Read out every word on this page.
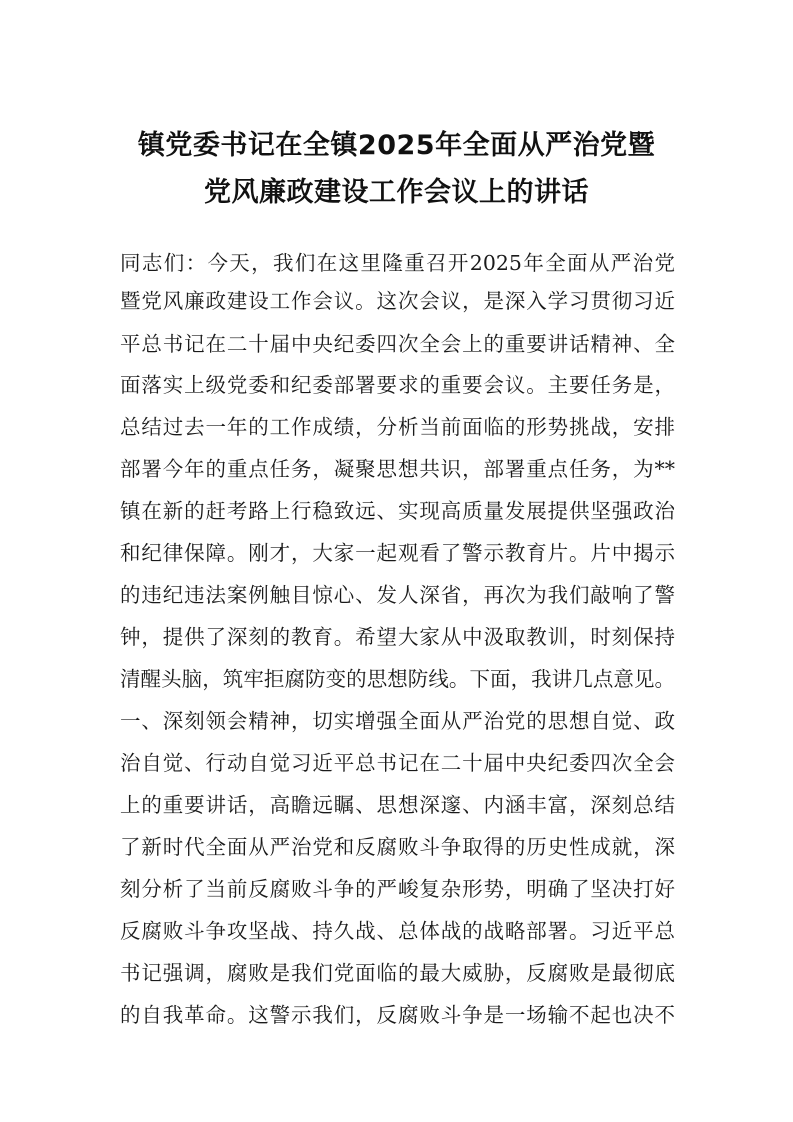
镇党委书记在全镇2025年全面从严治党暨
党风廉政建设工作会议上的讲话
同志们：今天，我们在这里隆重召开2025年全面从严治党
暨党风廉政建设工作会议。这次会议，是深入学习贯彻习近
平总书记在二十届中央纪委四次全会上的重要讲话精神、全
面落实上级党委和纪委部署要求的重要会议。主要任务是，
总结过去一年的工作成绩，分析当前面临的形势挑战，安排
部署今年的重点任务，凝聚思想共识，部署重点任务，为**
镇在新的赶考路上行稳致远、实现高质量发展提供坚强政治
和纪律保障。刚才，大家一起观看了警示教育片。片中揭示
的违纪违法案例触目惊心、发人深省，再次为我们敲响了警
钟，提供了深刻的教育。希望大家从中汲取教训，时刻保持
清醒头脑，筑牢拒腐防变的思想防线。下面，我讲几点意见。
一、深刻领会精神，切实增强全面从严治党的思想自觉、政
治自觉、行动自觉习近平总书记在二十届中央纪委四次全会
上的重要讲话，高瞻远瞩、思想深邃、内涵丰富，深刻总结
了新时代全面从严治党和反腐败斗争取得的历史性成就，深
刻分析了当前反腐败斗争的严峻复杂形势，明确了坚决打好
反腐败斗争攻坚战、持久战、总体战的战略部署。习近平总
书记强调，腐败是我们党面临的最大威胁，反腐败是最彻底
的自我革命。这警示我们，反腐败斗争是一场输不起也决不
